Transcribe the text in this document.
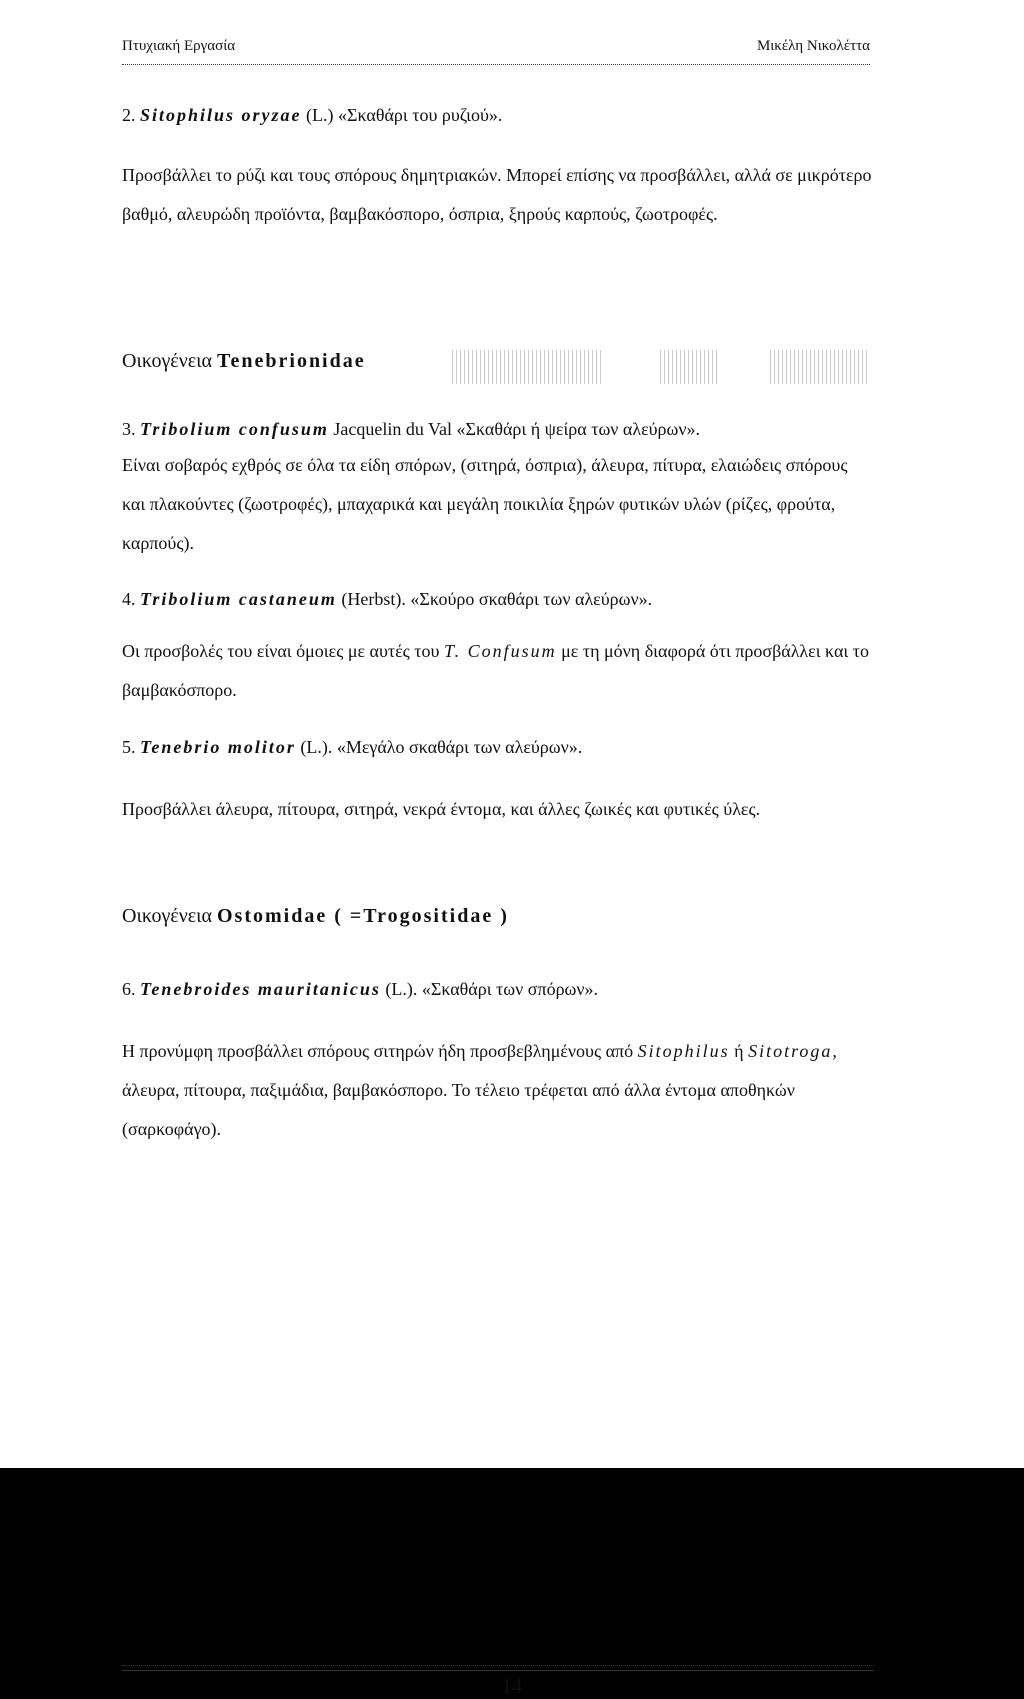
Πτυχιακή Εργασία	Μικέλη Νικολέττα
2. Sitophilus oryzae (L.) «Σκαθάρι του ρυζιού».

Προσβάλλει το ρύζι και τους σπόρους δημητριακών. Μπορεί επίσης να προσβάλλει, αλλά σε μικρότερο βαθμό, αλευρώδη προϊόντα, βαμβακόσπορο, όσπρια, ξηρούς καρπούς, ζωοτροφές.

Οικογένεια Tenebrionidae
3. Tribolium confusum Jacquelin du Val «Σκαθάρι ή ψείρα των αλεύρων».

Είναι σοβαρός εχθρός σε όλα τα είδη σπόρων, (σιτηρά, όσπρια), άλευρα, πίτυρα, ελαιώδεις σπόρους και πλακούντες (ζωοτροφές), μπαχαρικά και μεγάλη ποικιλία ξηρών φυτικών υλών (ρίζες, φρούτα, καρπούς).

4. Tribolium castaneum (Herbst). «Σκούρο σκαθάρι των αλεύρων».

Οι προσβολές του είναι όμοιες με αυτές του T. Confusum με τη μόνη διαφορά ότι προσβάλλει και το βαμβακόσπορο.

5. Tenebrio molitor (L.). «Μεγάλο σκαθάρι των αλεύρων».

Προσβάλλει άλευρα, πίτουρα, σιτηρά, νεκρά έντομα, και άλλες ζωικές και φυτικές ύλες.

Οικογένεια Ostomidae ( =Trogositidae )
6. Tenebroides mauritanicus (L.). «Σκαθάρι των σπόρων».

Η προνύμφη προσβάλλει σπόρους σιτηρών ήδη προσβεβλημένους από Sitophilus ή Sitotroga, άλευρα, πίτουρα, παξιμάδια, βαμβακόσπορο. Το τέλειο τρέφεται από άλλα έντομα αποθηκών (σαρκοφάγο).

14
